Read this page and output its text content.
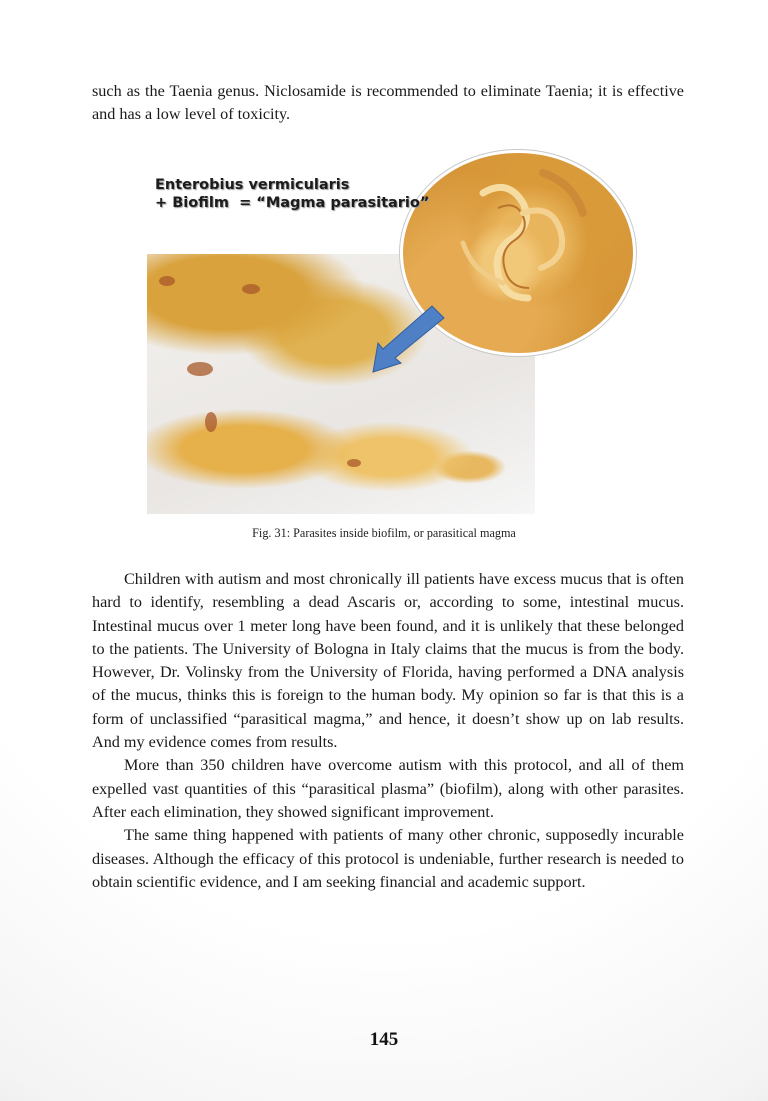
such as the Taenia genus. Niclosamide is recommended to eliminate Taenia; it is effective and has a low level of toxicity.

Enterobius vermicularis
+ Biofilm  = “Magma parasitario”
Fig. 31: Parasites inside biofilm, or parasitical magma

Children with autism and most chronically ill patients have excess mucus that is often hard to identify, resembling a dead Ascaris or, according to some, intestinal mucus. Intestinal mucus over 1 meter long have been found, and it is unlikely that these belonged to the patients. The University of Bologna in Italy claims that the mucus is from the body. However, Dr. Volinsky from the University of Florida, having performed a DNA analysis of the mucus, thinks this is foreign to the human body. My opinion so far is that this is a form of unclassified “parasitical magma,” and hence, it doesn’t show up on lab results. And my evidence comes from results.

More than 350 children have overcome autism with this protocol, and all of them expelled vast quantities of this “parasitical plasma” (biofilm), along with other parasites. After each elimination, they showed significant improvement.

The same thing happened with patients of many other chronic, supposedly incurable diseases. Although the efficacy of this protocol is undeniable, further research is needed to obtain scientific evidence, and I am seeking financial and academic support.

145
